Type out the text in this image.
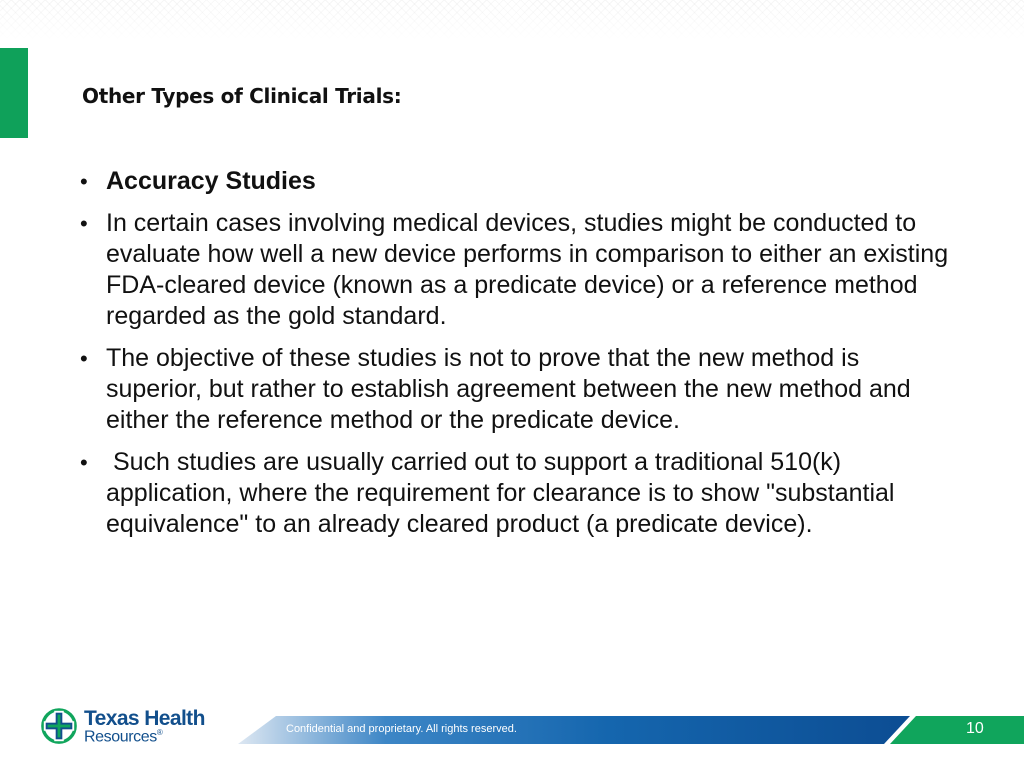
Other Types of Clinical Trials:
• Accuracy Studies
• In certain cases involving medical devices, studies might be conducted to evaluate how well a new device performs in comparison to either an existing FDA-cleared device (known as a predicate device) or a reference method regarded as the gold standard.
• The objective of these studies is not to prove that the new method is superior, but rather to establish agreement between the new method and either the reference method or the predicate device.
• Such studies are usually carried out to support a traditional 510(k) application, where the requirement for clearance is to show "substantial equivalence" to an already cleared product (a predicate device).
Texas Health
Resources®	Confidential and proprietary. All rights reserved.	10
